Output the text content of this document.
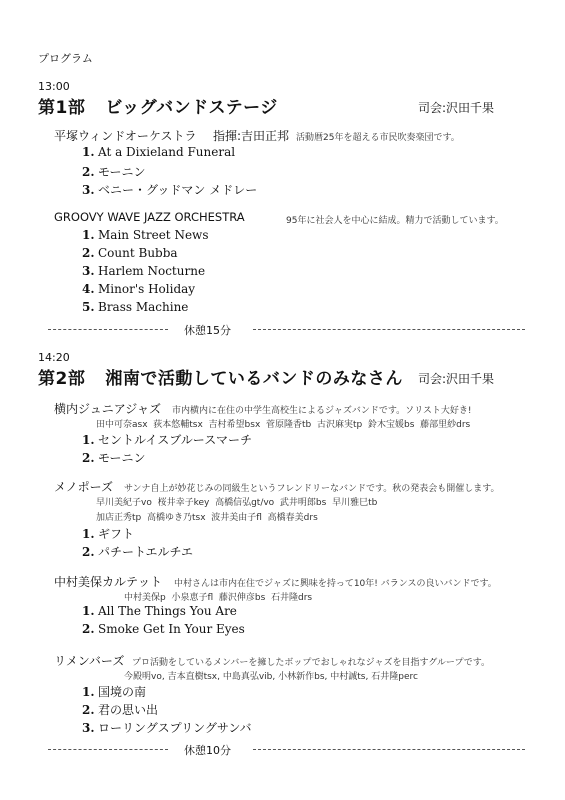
プログラム
13:00
第1部 ビッグバンドステージ	司会:沢田千果
平塚ウィンドオーケストラ 指揮:吉田正邦 活動暦25年を超える市民吹奏楽団です。
1. At a Dixieland Funeral
2. モーニン
3. ベニー・グッドマン メドレー
GROOVY WAVE JAZZ ORCHESTRA	95年に社会人を中心に結成。精力で活動しています。
1. Main Street News
2. Count Bubba
3. Harlem Nocturne
4. Minor's Holiday
5. Brass Machine
休憩15分
14:20
第2部 湘南で活動しているバンドのみなさん 司会:沢田千果
横内ジュニアジャズ 市内横内に在住の中学生高校生によるジャズバンドです。ソリスト大好き!
田中可奈asx 荻本悠輔tsx 吉村希望bsx 菅原隆香tb 古沢麻実tp 鈴木宝媛bs 藤部里紗drs
1. セントルイスブルースマーチ
2. モーニン
メノポーズ サンナ自上が妙花じみの同級生というフレンドリーなバンドです。秋の発表会も開催します。
早川美紀子vo 桜井幸子key 高橋信弘gt/vo 武井明郎bs 早川雅巳tb
加店正秀tp 高橋ゆき乃tsx 波井美由子fl 高橋春美drs
1. ギフト
2. パチートエルチエ
中村美保カルテット 中村さんは市内在住でジャズに興味を持って10年! バランスの良いバンドです。
中村美保p 小泉恵子fl 藤沢伸彦bs 石井隆drs
1. All The Things You Are
2. Smoke Get In Your Eyes
リメンバーズ プロ活動をしているメンバーを擁したボップでおしゃれなジャズを目指すグループです。
今殿明vo, 吉本直樹tsx, 中島真弘vib, 小林新作bs, 中村誠ts, 石井隆perc
1. 国境の南
2. 君の思い出
3. ローリングスプリングサンバ
休憩10分
